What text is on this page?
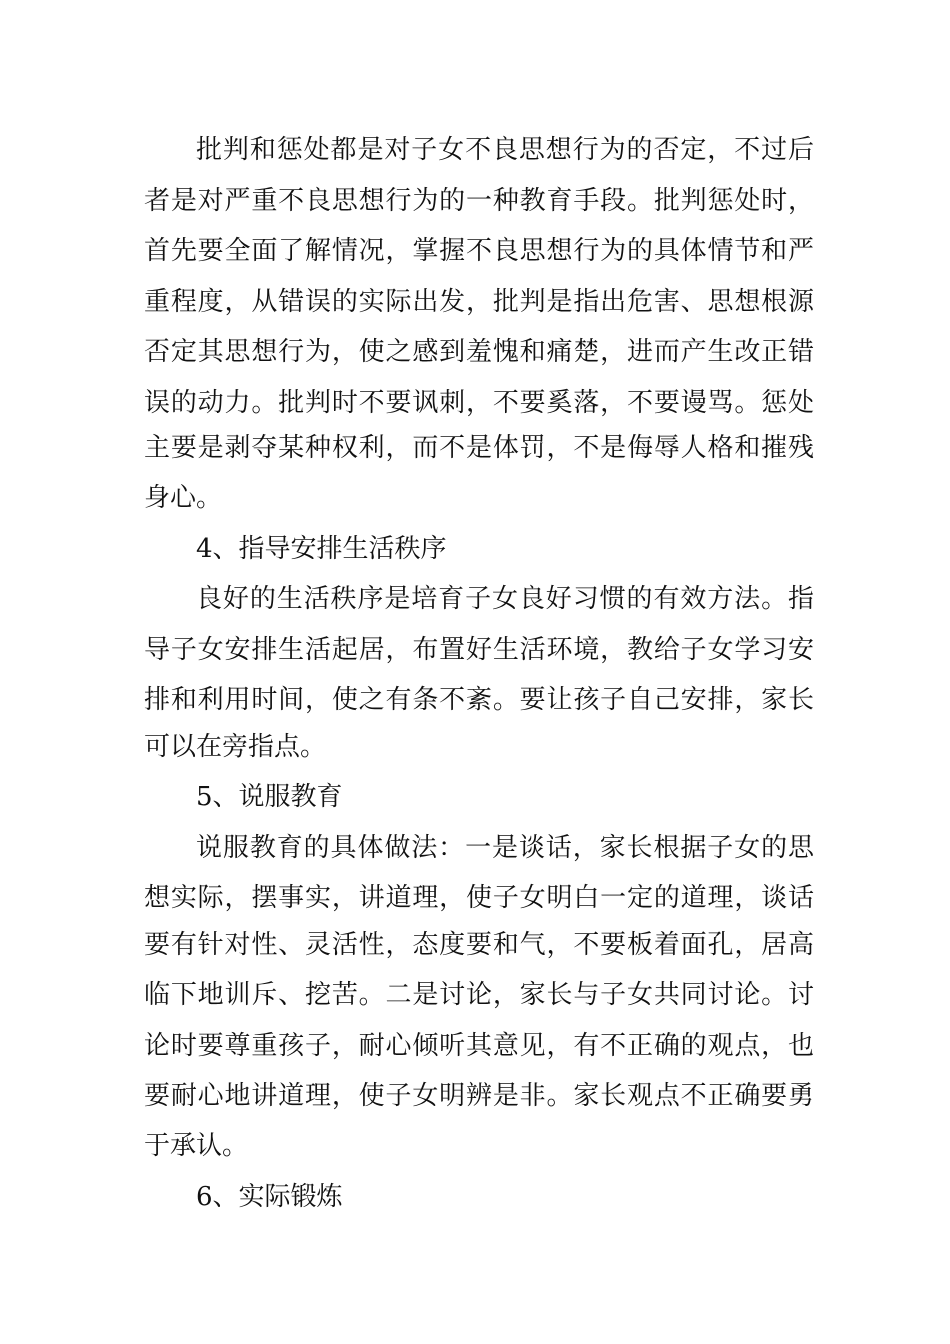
批判和惩处都是对子女不良思想行为的否定，不过后
者是对严重不良思想行为的一种教育手段。批判惩处时，
首先要全面了解情况，掌握不良思想行为的具体情节和严
重程度，从错误的实际出发，批判是指出危害、思想根源
否定其思想行为，使之感到羞愧和痛楚，进而产生改正错
误的动力。批判时不要讽刺，不要奚落，不要谩骂。惩处
主要是剥夺某种权利，而不是体罚，不是侮辱人格和摧残
身心。
4、指导安排生活秩序
良好的生活秩序是培育子女良好习惯的有效方法。指
导子女安排生活起居，布置好生活环境，教给子女学习安
排和利用时间，使之有条不紊。要让孩子自己安排，家长
可以在旁指点。
5、说服教育
说服教育的具体做法：一是谈话，家长根据子女的思
想实际，摆事实，讲道理，使子女明白一定的道理，谈话
要有针对性、灵活性，态度要和气，不要板着面孔，居高
临下地训斥、挖苦。二是讨论，家长与子女共同讨论。讨
论时要尊重孩子，耐心倾听其意见，有不正确的观点，也
要耐心地讲道理，使子女明辨是非。家长观点不正确要勇
于承认。
6、实际锻炼
